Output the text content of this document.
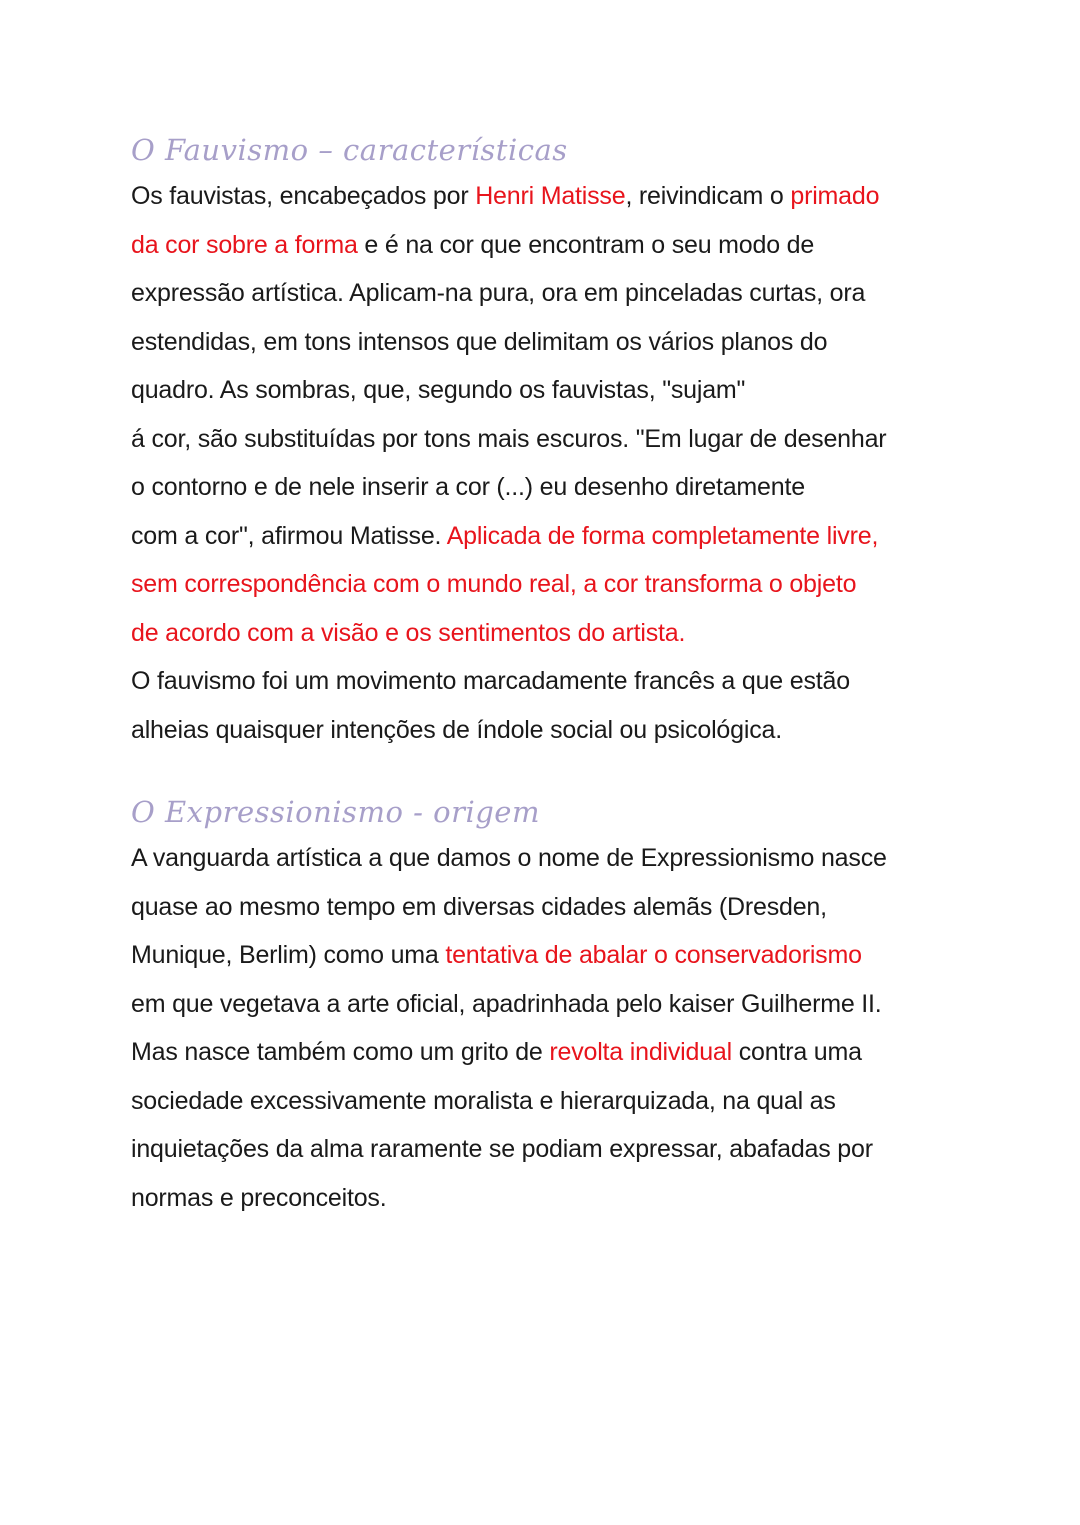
O Fauvismo – características
Os fauvistas, encabeçados por Henri Matisse, reivindicam o primado
da cor sobre a forma e é na cor que encontram o seu modo de
expressão artística. Aplicam-na pura, ora em pinceladas curtas, ora
estendidas, em tons intensos que delimitam os vários planos do
quadro. As sombras, que, segundo os fauvistas, "sujam"
á cor, são substituídas por tons mais escuros. "Em lugar de desenhar
o contorno e de nele inserir a cor (...) eu desenho diretamente
com a cor", afirmou Matisse. Aplicada de forma completamente livre,
sem correspondência com o mundo real, a cor transforma o objeto
de acordo com a visão e os sentimentos do artista.
O fauvismo foi um movimento marcadamente francês a que estão
alheias quaisquer intenções de índole social ou psicológica.
O Expressionismo - origem
A vanguarda artística a que damos o nome de Expressionismo nasce
quase ao mesmo tempo em diversas cidades alemãs (Dresden,
Munique, Berlim) como uma tentativa de abalar o conservadorismo
em que vegetava a arte oficial, apadrinhada pelo kaiser Guilherme II.
Mas nasce também como um grito de revolta individual contra uma
sociedade excessivamente moralista e hierarquizada, na qual as
inquietações da alma raramente se podiam expressar, abafadas por
normas e preconceitos.
